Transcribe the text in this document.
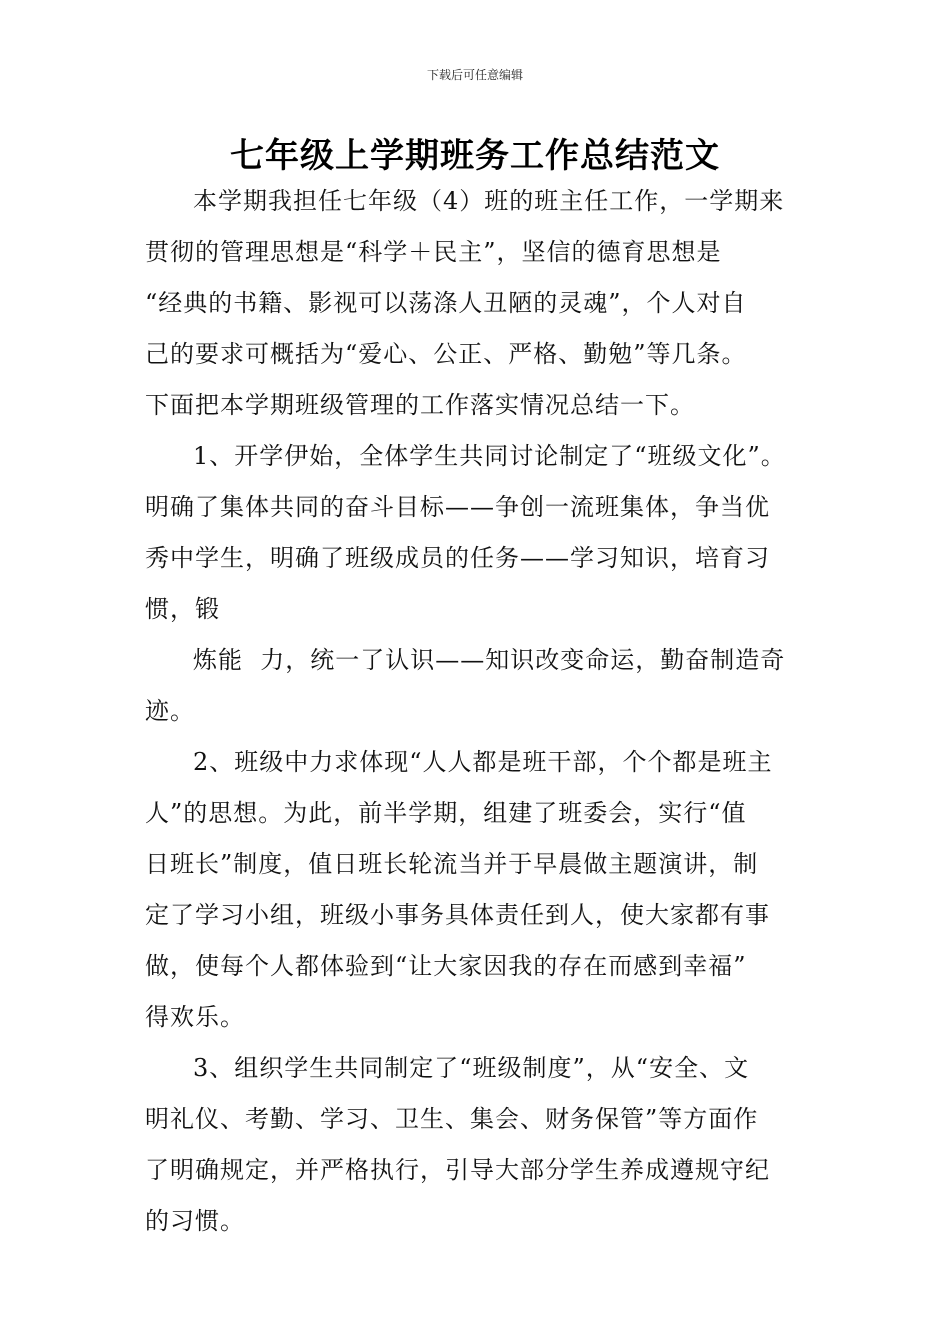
下载后可任意编辑
七年级上学期班务工作总结范文

本学期我担任七年级（4）班的班主任工作，一学期来
贯彻的管理思想是“科学＋民主”，坚信的德育思想是
“经典的书籍、影视可以荡涤人丑陋的灵魂”，个人对自
己的要求可概括为“爱心、公正、严格、勤勉”等几条。
下面把本学期班级管理的工作落实情况总结一下。

1、开学伊始，全体学生共同讨论制定了“班级文化”。
明确了集体共同的奋斗目标——争创一流班集体，争当优
秀中学生，明确了班级成员的任务——学习知识，培育习
惯，锻

炼能  力，统一了认识——知识改变命运，勤奋制造奇
迹。

2、班级中力求体现“人人都是班干部，个个都是班主
人”的思想。为此，前半学期，组建了班委会，实行“值
日班长”制度，值日班长轮流当并于早晨做主题演讲，制
定了学习小组，班级小事务具体责任到人，使大家都有事
做，使每个人都体验到“让大家因我的存在而感到幸福”
得欢乐。

3、组织学生共同制定了“班级制度”，从“安全、文
明礼仪、考勤、学习、卫生、集会、财务保管”等方面作
了明确规定，并严格执行，引导大部分学生养成遵规守纪
的习惯。
